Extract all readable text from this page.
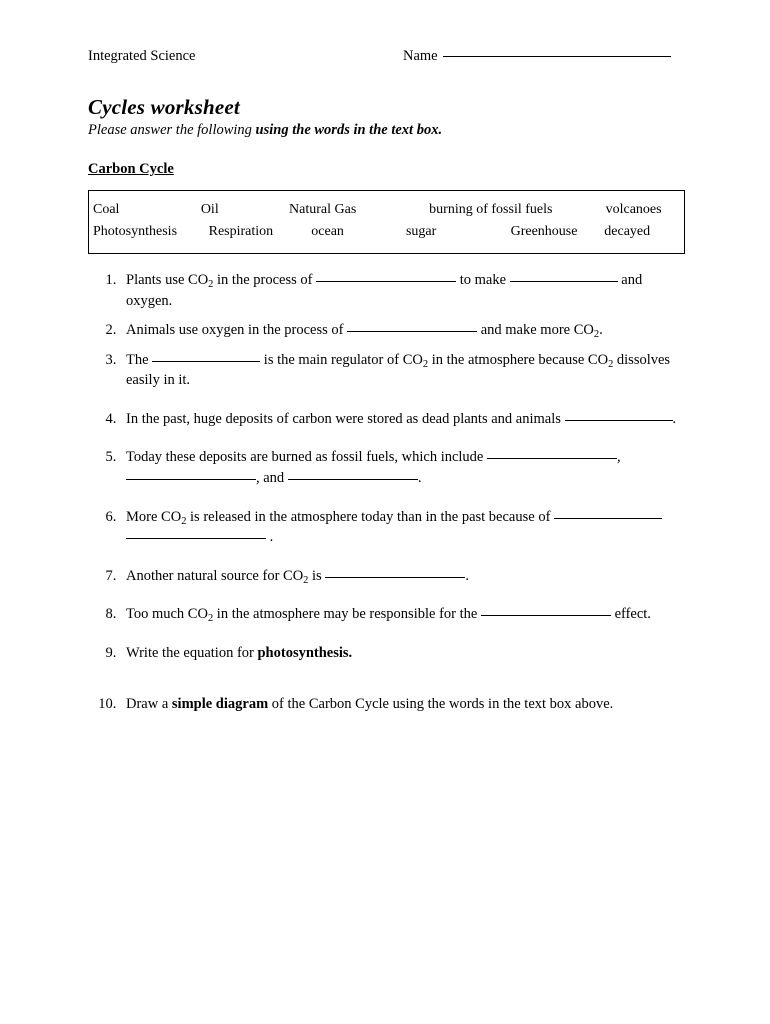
Integrated Science	Name
Cycles worksheet

Please answer the following using the words in the text box.

Carbon Cycle
Coal	Oil	Natural Gas	burning of fossil fuels	volcanoes
Photosynthesis	Respiration	ocean	sugar	Greenhouse	decayed
1. Plants use $CO_2$ in the process of	to make	and oxygen.
2. Animals use oxygen in the process of	and make more $CO_2$.
3. The	is the main regulator of $CO_2$ in the atmosphere because $CO_2$ dissolves easily in it.
4. In the past, huge deposits of carbon were stored as dead plants and animals	.
5. Today these deposits are burned as fossil fuels, which include	,
, and	.
6. More $CO_2$ is released in the atmosphere today than in the past because of
.
7. Another natural source for $CO_2$ is	.
8. Too much $CO_2$ in the atmosphere may be responsible for the	effect.
9. Write the equation for photosynthesis.
10. Draw a simple diagram of the Carbon Cycle using the words in the text box above.
